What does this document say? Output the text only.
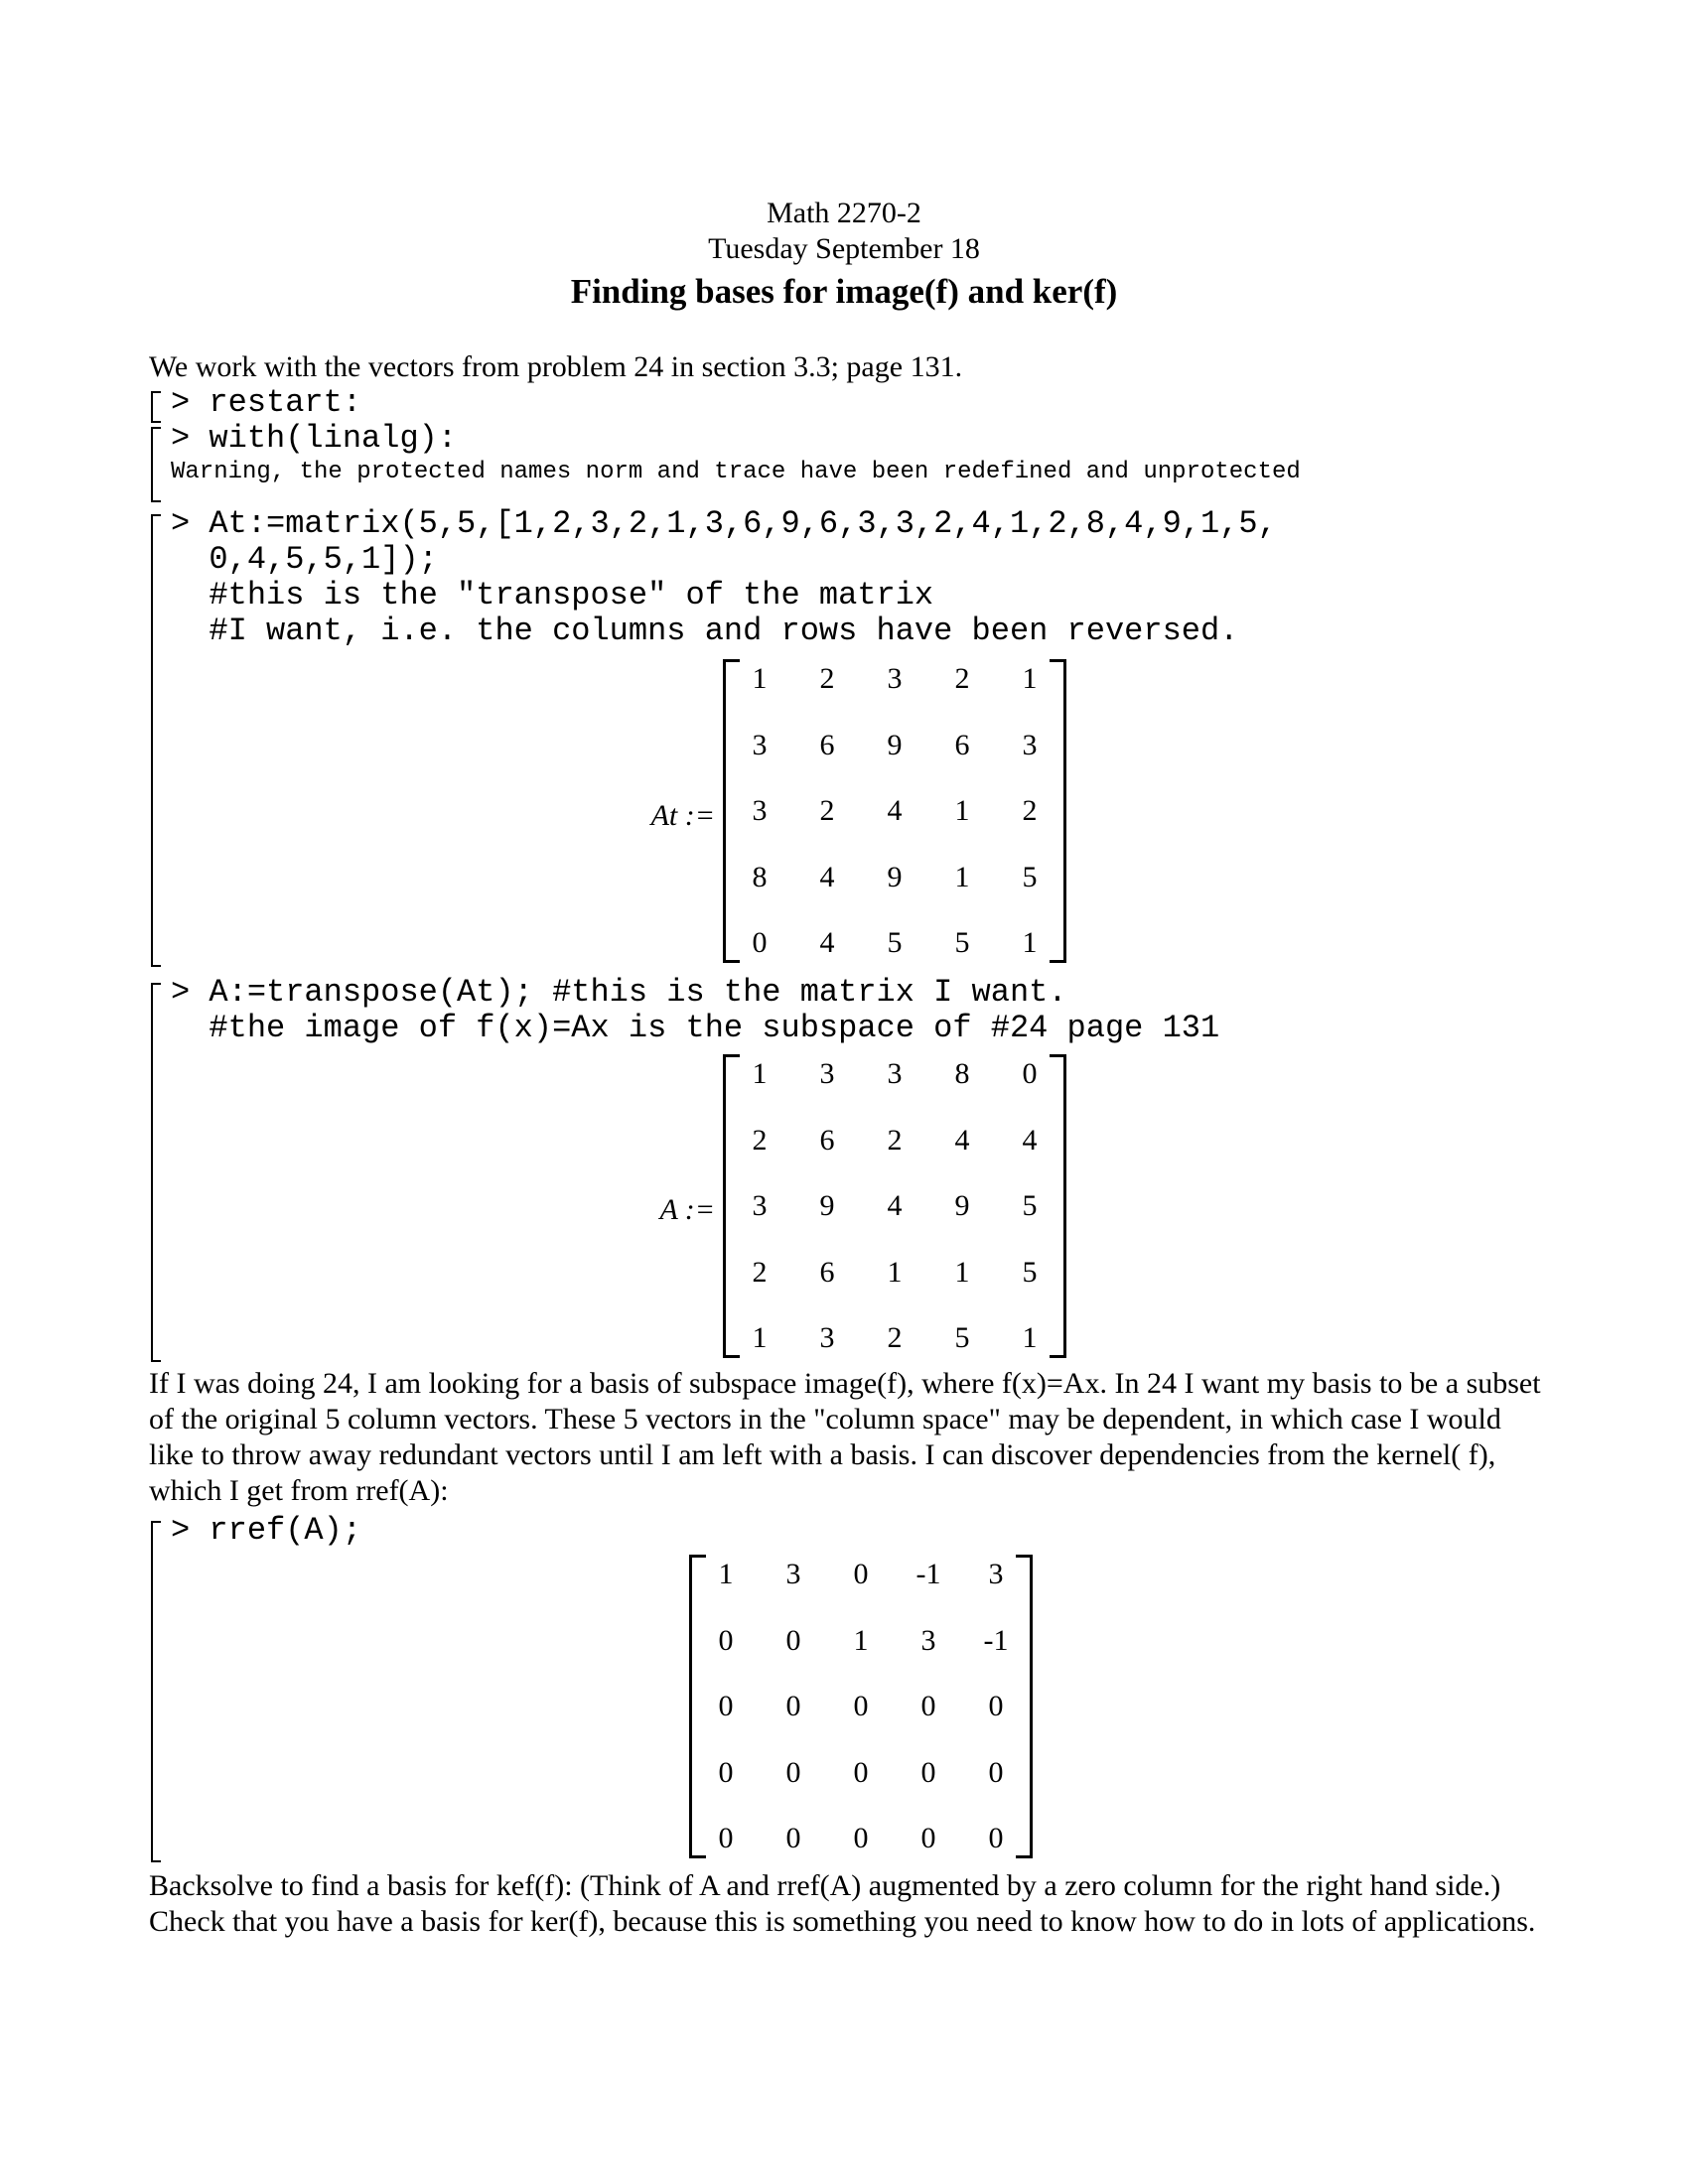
Math 2270-2
Tuesday September 18
Finding bases for image(f) and ker(f)
We work with the vectors from problem 24 in section 3.3; page 131.
> restart:
> with(linalg):
Warning, the protected names norm and trace have been redefined and unprotected
> At:=matrix(5,5,[1,2,3,2,1,3,6,9,6,3,3,2,4,1,2,8,4,9,1,5,
0,4,5,5,1]);
#this is the "transpose" of the matrix
#I want, i.e. the columns and rows have been reversed.
At :=
1	2	3	2	1
3	6	9	6	3
3	2	4	1	2
8	4	9	1	5
0	4	5	5	1
> A:=transpose(At); #this is the matrix I want.
#the image of f(x)=Ax is the subspace of #24 page 131
A :=
1	3	3	8	0
2	6	2	4	4
3	9	4	9	5
2	6	1	1	5
1	3	2	5	1
If I was doing 24, I am looking for a basis of subspace image(f), where f(x)=Ax. In 24 I want my basis to be a subset of the original 5 column vectors. These 5 vectors in the "column space" may be dependent, in which case I would like to throw away redundant vectors until I am left with a basis. I can discover dependencies from the kernel( f), which I get from rref(A):
> rref(A);
1	3	0	-1	3
0	0	1	3	-1
0	0	0	0	0
0	0	0	0	0
0	0	0	0	0
Backsolve to find a basis for kef(f): (Think of A and rref(A) augmented by a zero column for the right hand side.) Check that you have a basis for ker(f), because this is something you need to know how to do in lots of applications.
